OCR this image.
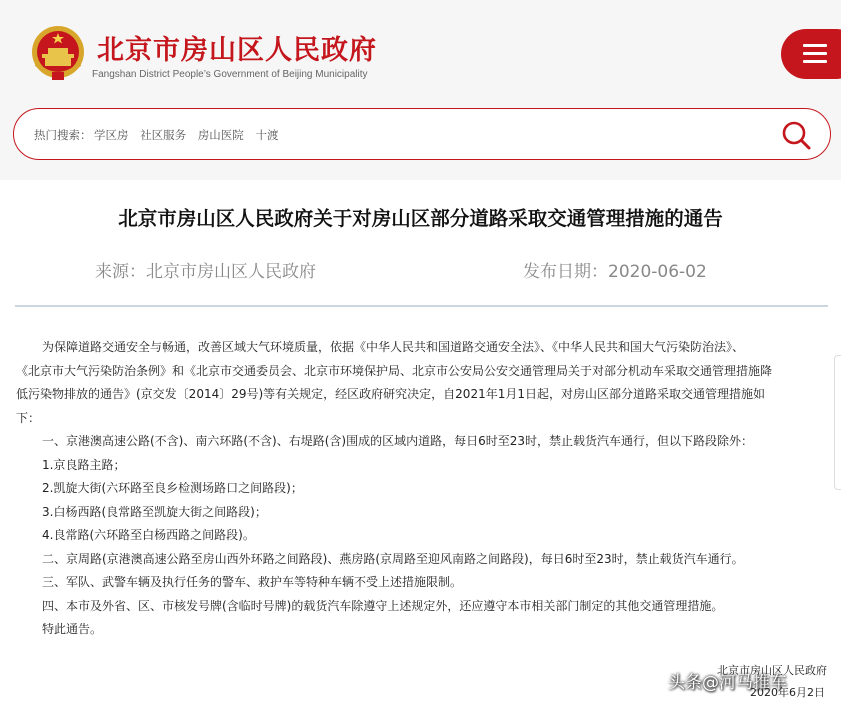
北京市房山区人民政府
Fangshan District People’s Government of Beijing Municipality
热门搜索： 学区房 社区服务 房山医院 十渡
北京市房山区人民政府关于对房山区部分道路采取交通管理措施的通告
来源：北京市房山区人民政府	发布日期：2020-06-02

为保障道路交通安全与畅通，改善区域大气环境质量，依据《中华人民共和国道路交通安全法》、《中华人民共和国大气污染防治法》、

《北京市大气污染防治条例》和《北京市交通委员会、北京市环境保护局、北京市公安局公安交通管理局关于对部分机动车采取交通管理措施降

低污染物排放的通告》(京交发〔2014〕29号)等有关规定，经区政府研究决定，自2021年1月1日起，对房山区部分道路采取交通管理措施如

下：

一、京港澳高速公路(不含)、南六环路(不含)、右堤路(含)围成的区域内道路，每日6时至23时，禁止载货汽车通行，但以下路段除外：

1.京良路主路；

2.凯旋大街(六环路至良乡检测场路口之间路段)；

3.白杨西路(良常路至凯旋大街之间路段)；

4.良常路(六环路至白杨西路之间路段)。

二、京周路(京港澳高速公路至房山西外环路之间路段)、燕房路(京周路至迎风南路之间路段)，每日6时至23时，禁止载货汽车通行。

三、军队、武警车辆及执行任务的警车、救护车等特种车辆不受上述措施限制。

四、本市及外省、区、市核发号牌(含临时号牌)的载货汽车除遵守上述规定外，还应遵守本市相关部门制定的其他交通管理措施。

特此通告。

北京市房山区人民政府
2020年6月2日
头条@河马推车
